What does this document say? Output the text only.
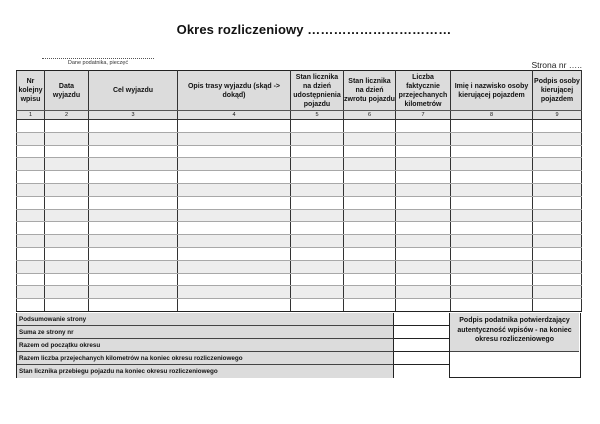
Okres rozliczeniowy ……………………………
Dane podatnika, pieczęć	Strona nr …..
Nr kolejny wpisu	Data wyjazdu	Cel wyjazdu	Opis trasy wyjazdu (skąd -> dokąd)	Stan licznika na dzień udostępnienia pojazdu	Stan licznika na dzień zwrotu pojazdu	Liczba faktycznie przejechanych kilometrów	Imię i nazwisko osoby kierującej pojazdem	Podpis osoby kierującej pojazdem
1	2	3	4	5	6	7	8	9

Podsumowanie strony
Suma ze strony nr
Razem od początku okresu
Razem liczba przejechanych kilometrów na koniec okresu rozliczeniowego
Stan licznika przebiegu pojazdu na koniec okresu rozliczeniowego
Podpis podatnika potwierdzający autentyczność wpisów - na koniec okresu rozliczeniowego
